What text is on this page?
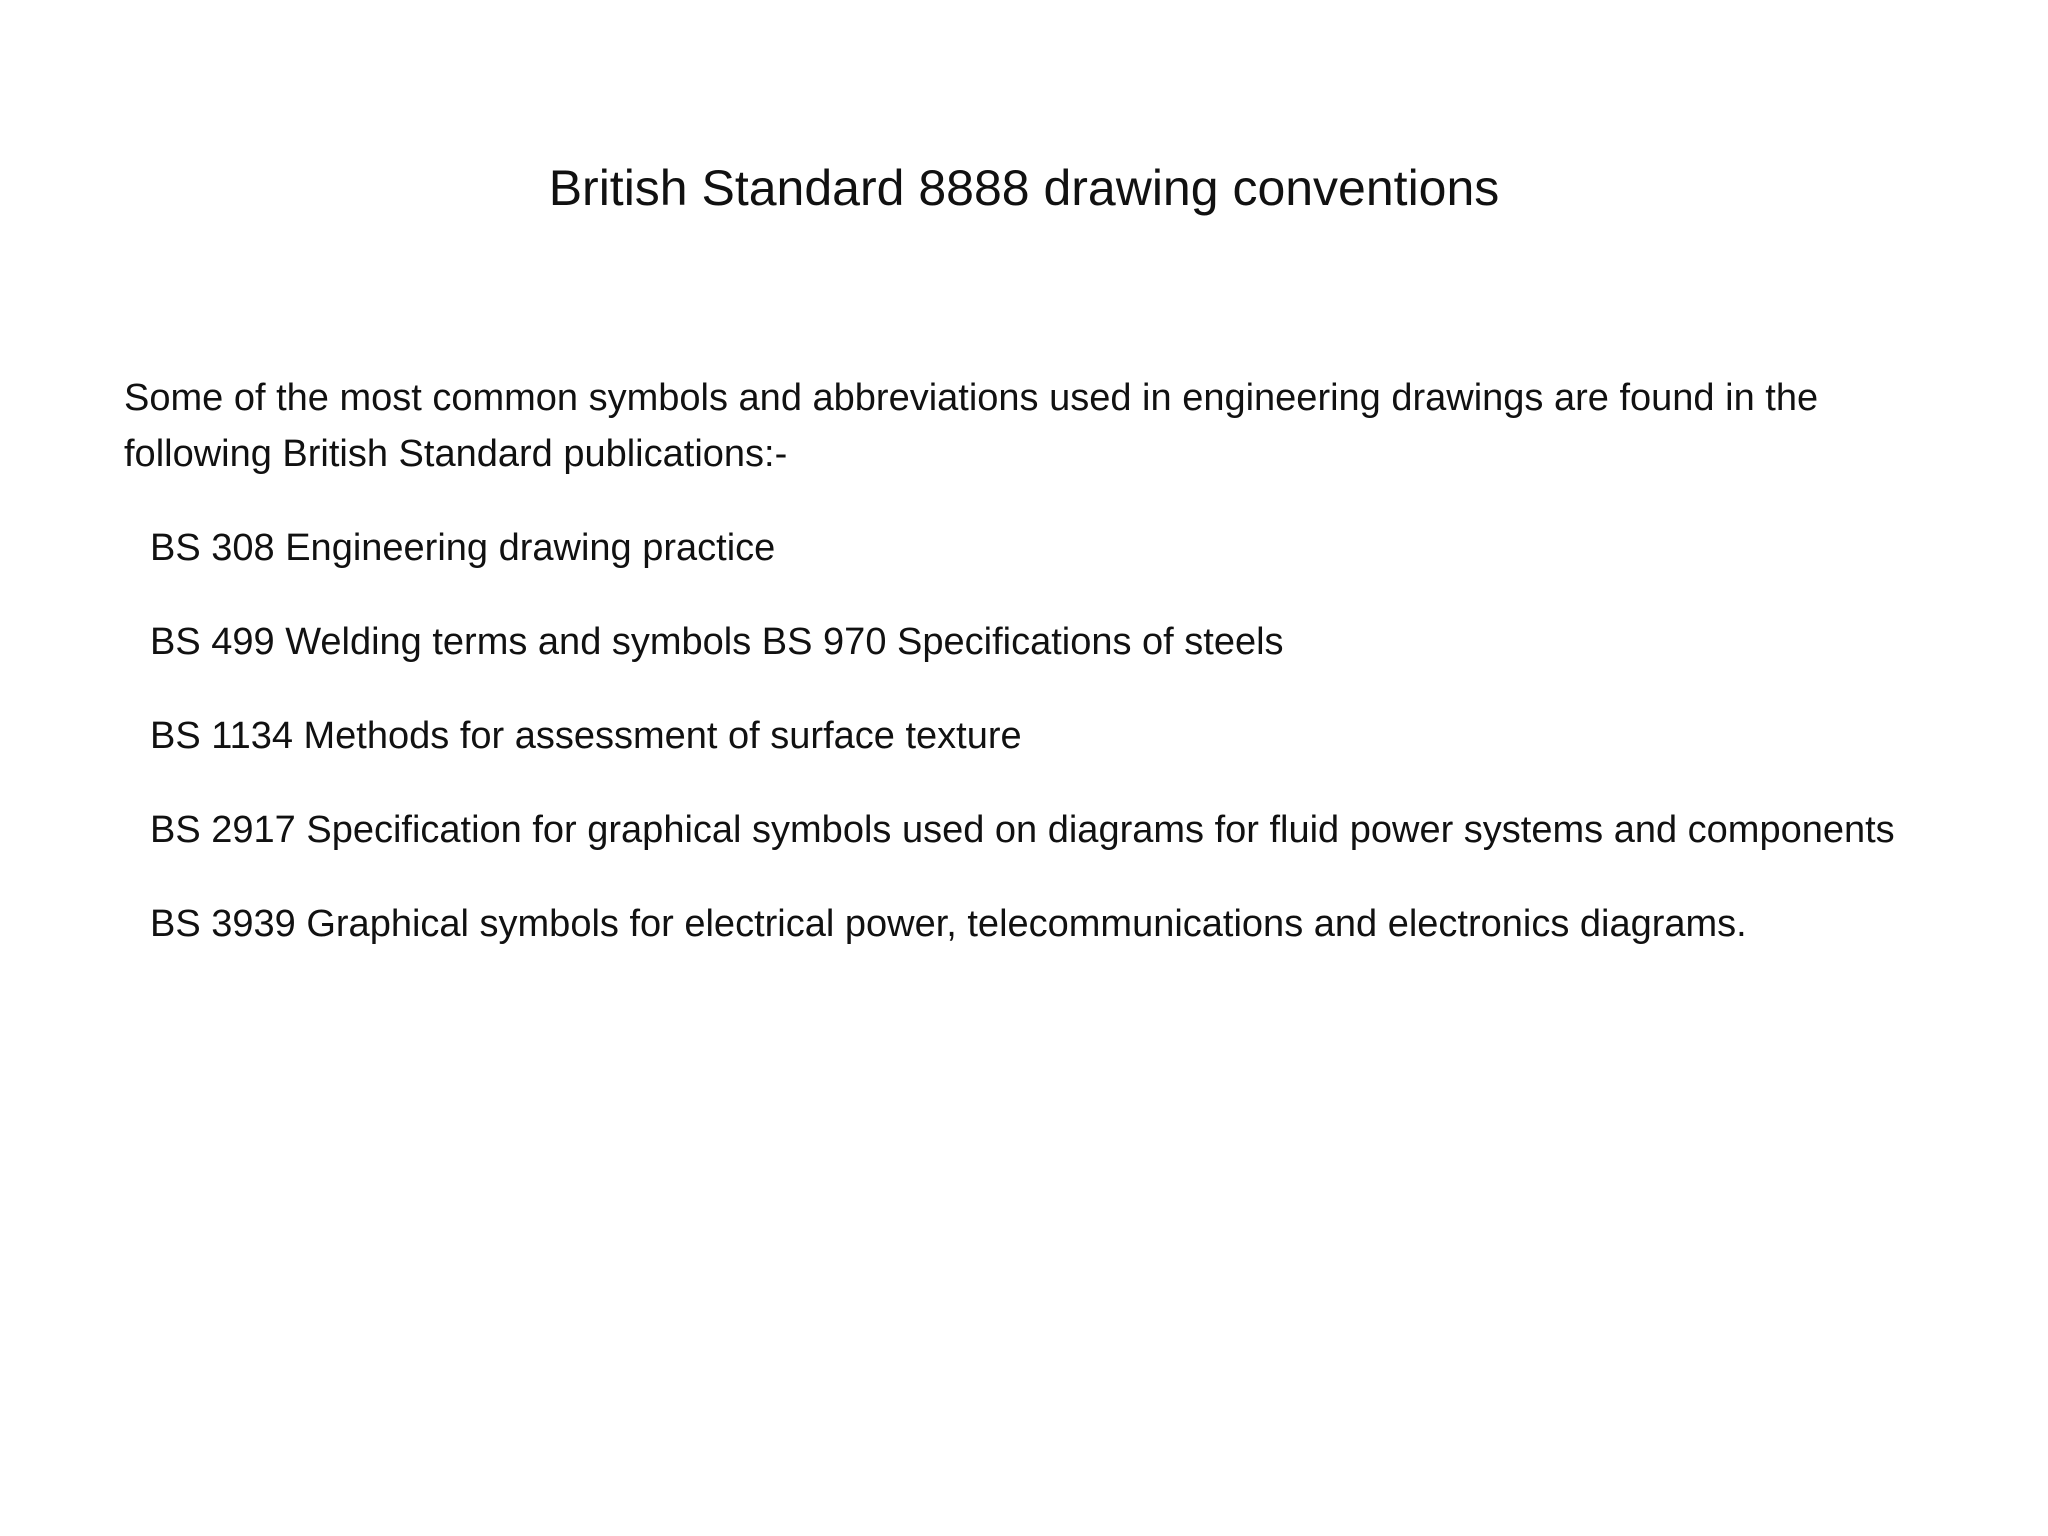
British Standard 8888 drawing conventions

Some of the most common symbols and abbreviations used in engineering drawings are found in the following British Standard publications:-

BS 308 Engineering drawing practice
BS 499 Welding terms and symbols BS 970 Specifications of steels
BS 1134 Methods for assessment of surface texture
BS 2917 Specification for graphical symbols used on diagrams for fluid power systems and components
BS 3939 Graphical symbols for electrical power, telecommunications and electronics diagrams.
